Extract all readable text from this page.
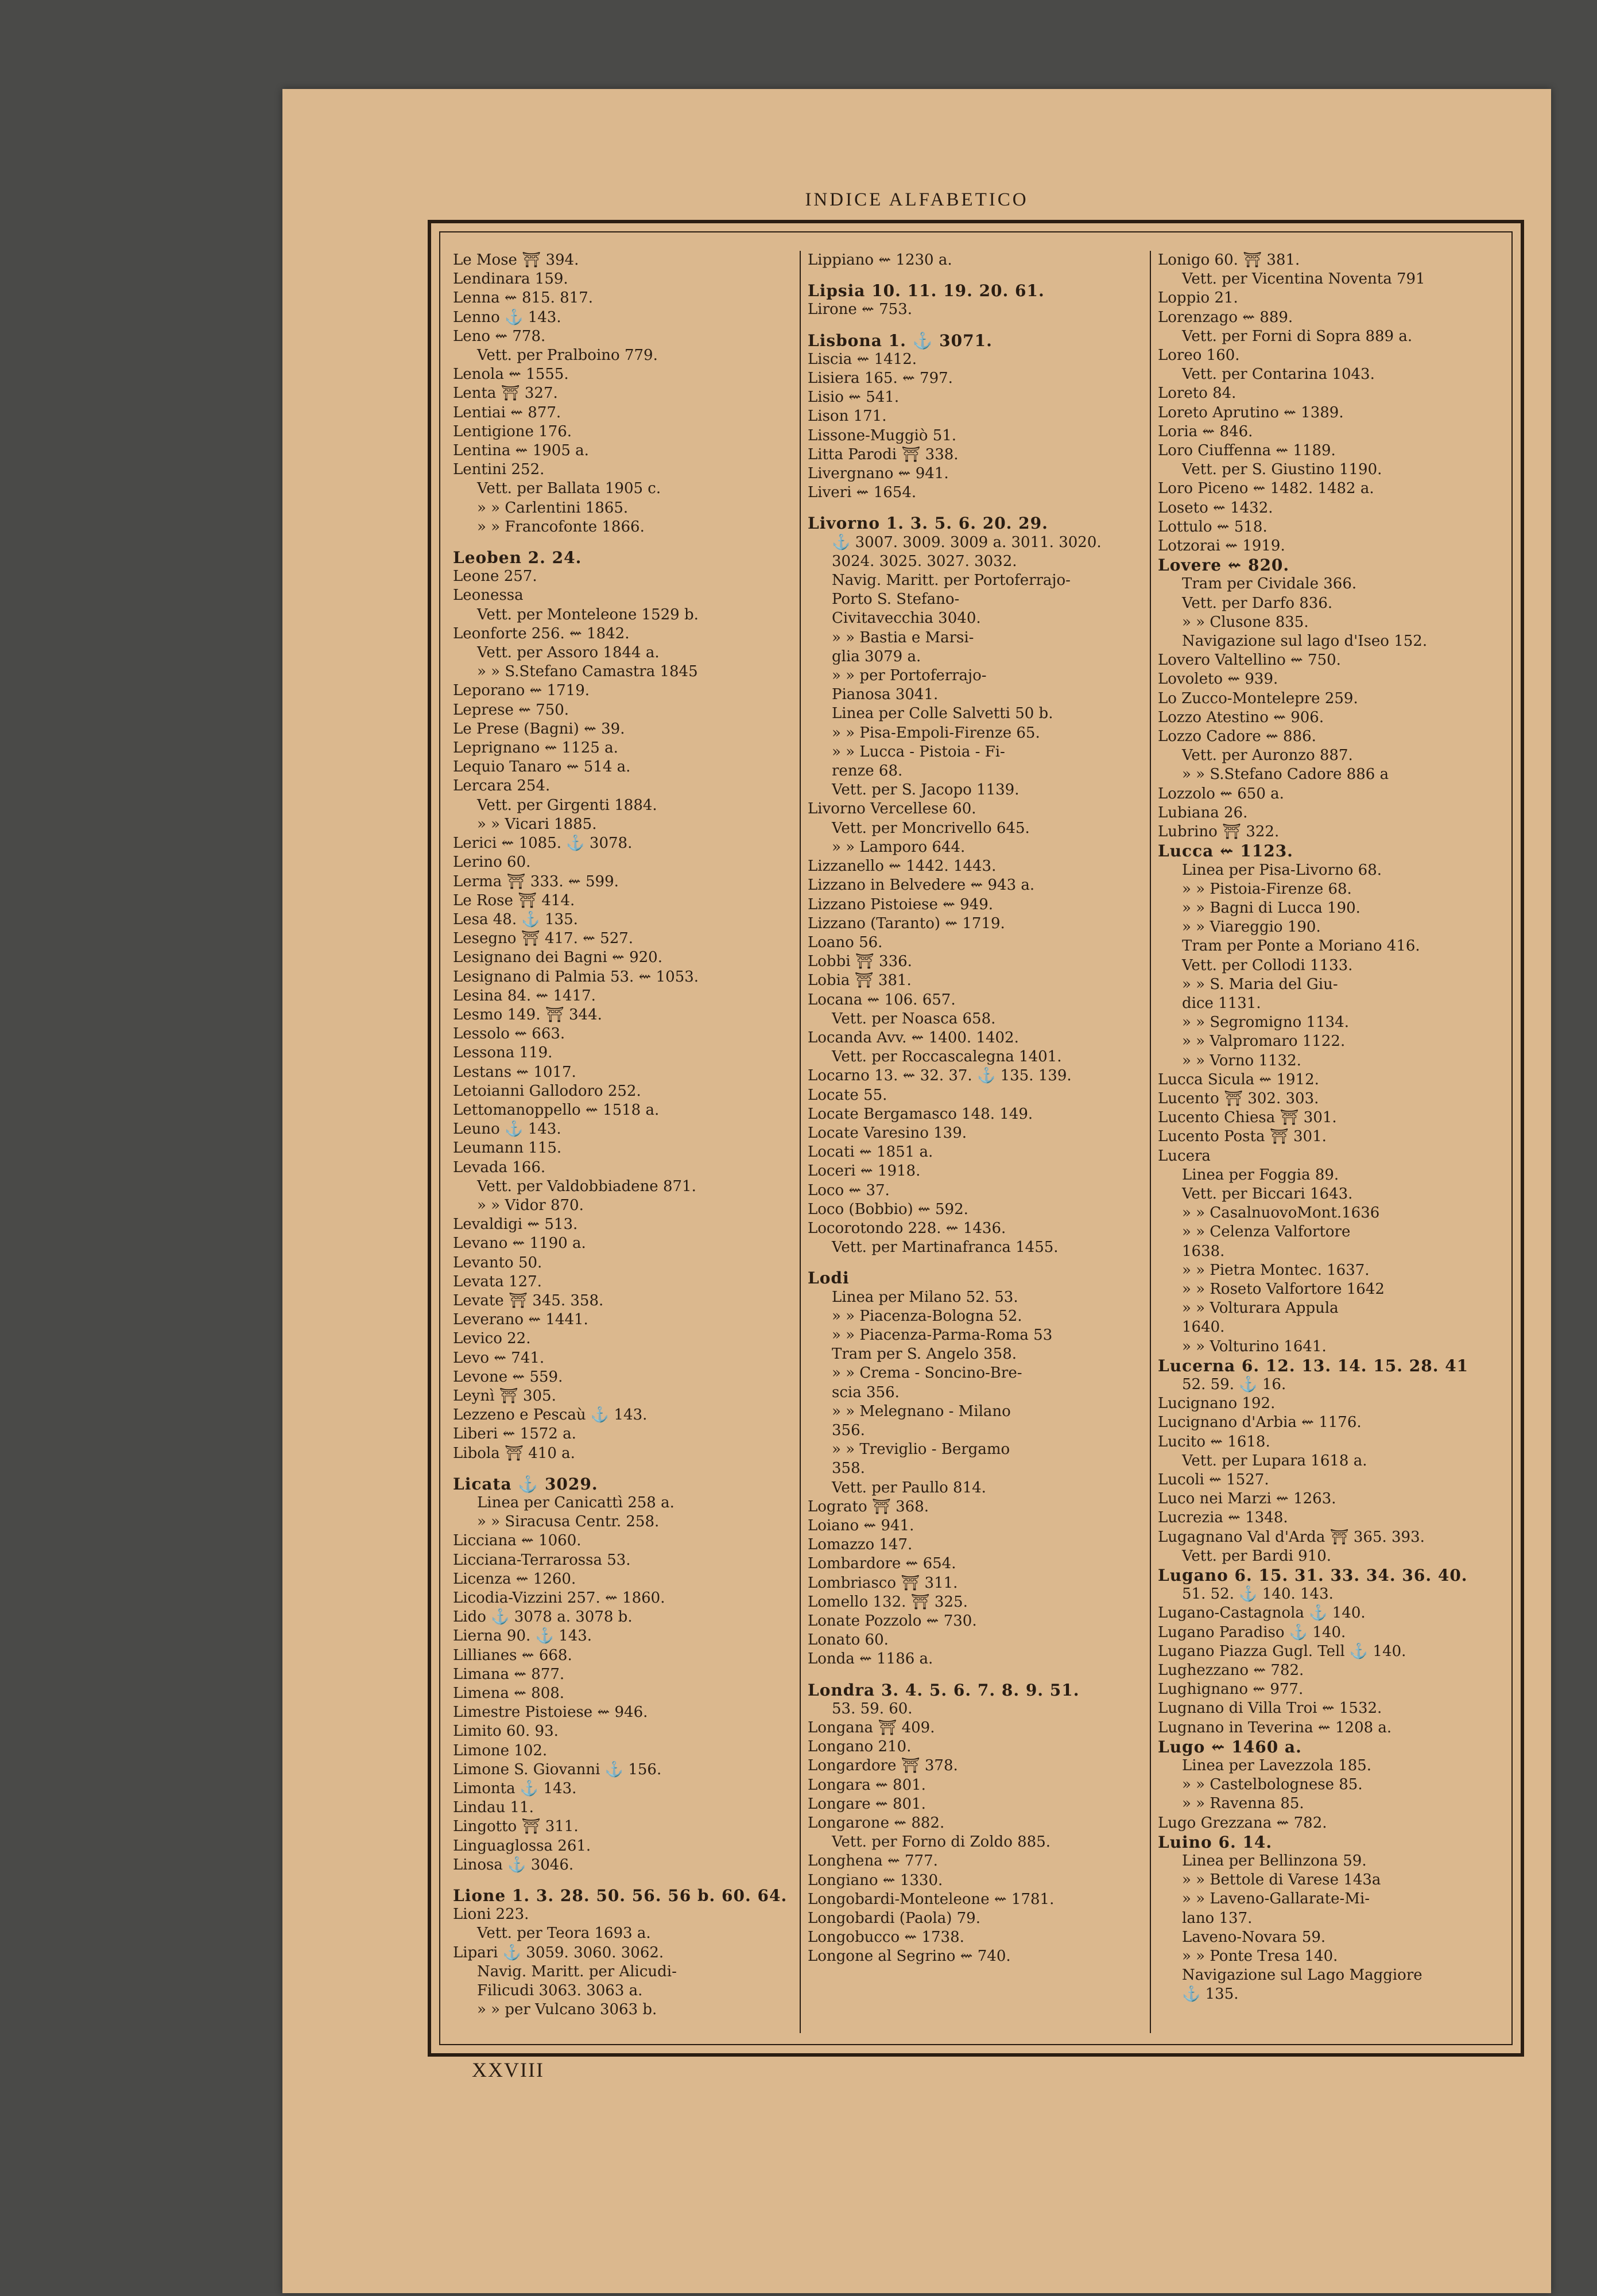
INDICE ALFABETICO
Le Mose ⛩ 394.
Lendinara 159.
Lenna ⇜ 815. 817.
Lenno ⚓ 143.
Leno ⇜ 778.
Vett. per Pralboino 779.
Lenola ⇜ 1555.
Lenta ⛩ 327.
Lentiai ⇜ 877.
Lentigione 176.
Lentina ⇜ 1905 a.
Lentini 252.
Vett. per Ballata 1905 c.
» » Carlentini 1865.
» » Francofonte 1866.
Leoben 2. 24.
Leone 257.
Leonessa
Vett. per Monteleone 1529 b.
Leonforte 256. ⇜ 1842.
Vett. per Assoro 1844 a.
» » S.Stefano Camastra 1845
Leporano ⇜ 1719.
Leprese ⇜ 750.
Le Prese (Bagni) ⇜ 39.
Leprignano ⇜ 1125 a.
Lequio Tanaro ⇜ 514 a.
Lercara 254.
Vett. per Girgenti 1884.
» » Vicari 1885.
Lerici ⇜ 1085. ⚓ 3078.
Lerino 60.
Lerma ⛩ 333. ⇜ 599.
Le Rose ⛩ 414.
Lesa 48. ⚓ 135.
Lesegno ⛩ 417. ⇜ 527.
Lesignano dei Bagni ⇜ 920.
Lesignano di Palmia 53. ⇜ 1053.
Lesina 84. ⇜ 1417.
Lesmo 149. ⛩ 344.
Lessolo ⇜ 663.
Lessona 119.
Lestans ⇜ 1017.
Letoianni Gallodoro 252.
Lettomanoppello ⇜ 1518 a.
Leuno ⚓ 143.
Leumann 115.
Levada 166.
Vett. per Valdobbiadene 871.
» » Vidor 870.
Levaldigi ⇜ 513.
Levano ⇜ 1190 a.
Levanto 50.
Levata 127.
Levate ⛩ 345. 358.
Leverano ⇜ 1441.
Levico 22.
Levo ⇜ 741.
Levone ⇜ 559.
Leynì ⛩ 305.
Lezzeno e Pescaù ⚓ 143.
Liberi ⇜ 1572 a.
Libola ⛩ 410 a.
Licata ⚓ 3029.
Linea per Canicattì 258 a.
» » Siracusa Centr. 258.
Licciana ⇜ 1060.
Licciana-Terrarossa 53.
Licenza ⇜ 1260.
Licodia-Vizzini 257. ⇜ 1860.
Lido ⚓ 3078 a. 3078 b.
Lierna 90. ⚓ 143.
Lillianes ⇜ 668.
Limana ⇜ 877.
Limena ⇜ 808.
Limestre Pistoiese ⇜ 946.
Limito 60. 93.
Limone 102.
Limone S. Giovanni ⚓ 156.
Limonta ⚓ 143.
Lindau 11.
Lingotto ⛩ 311.
Linguaglossa 261.
Linosa ⚓ 3046.
Lione 1. 3. 28. 50. 56. 56 b. 60. 64.
Lioni 223.
Vett. per Teora 1693 a.
Lipari ⚓ 3059. 3060. 3062.
Navig. Maritt. per Alicudi-
Filicudi 3063. 3063 a.
» » per Vulcano 3063 b.
Lippiano ⇜ 1230 a.
Lipsia 10. 11. 19. 20. 61.
Lirone ⇜ 753.
Lisbona 1. ⚓ 3071.
Liscia ⇜ 1412.
Lisiera 165. ⇜ 797.
Lisio ⇜ 541.
Lison 171.
Lissone-Muggiò 51.
Litta Parodi ⛩ 338.
Livergnano ⇜ 941.
Liveri ⇜ 1654.
Livorno 1. 3. 5. 6. 20. 29.
⚓ 3007. 3009. 3009 a. 3011. 3020.
3024. 3025. 3027. 3032.
Navig. Maritt. per Portoferrajo-
Porto S. Stefano-
Civitavecchia 3040.
» » Bastia e Marsi-
glia 3079 a.
» » per Portoferrajo-
Pianosa 3041.
Linea per Colle Salvetti 50 b.
» » Pisa-Empoli-Firenze 65.
» » Lucca - Pistoia - Fi-
renze 68.
Vett. per S. Jacopo 1139.
Livorno Vercellese 60.
Vett. per Moncrivello 645.
» » Lamporo 644.
Lizzanello ⇜ 1442. 1443.
Lizzano in Belvedere ⇜ 943 a.
Lizzano Pistoiese ⇜ 949.
Lizzano (Taranto) ⇜ 1719.
Loano 56.
Lobbi ⛩ 336.
Lobia ⛩ 381.
Locana ⇜ 106. 657.
Vett. per Noasca 658.
Locanda Avv. ⇜ 1400. 1402.
Vett. per Roccascalegna 1401.
Locarno 13. ⇜ 32. 37. ⚓ 135. 139.
Locate 55.
Locate Bergamasco 148. 149.
Locate Varesino 139.
Locati ⇜ 1851 a.
Loceri ⇜ 1918.
Loco ⇜ 37.
Loco (Bobbio) ⇜ 592.
Locorotondo 228. ⇜ 1436.
Vett. per Martinafranca 1455.
Lodi
Linea per Milano 52. 53.
» » Piacenza-Bologna 52.
» » Piacenza-Parma-Roma 53
Tram per S. Angelo 358.
» » Crema - Soncino-Bre-
scia 356.
» » Melegnano - Milano
356.
» » Treviglio - Bergamo
358.
Vett. per Paullo 814.
Lograto ⛩ 368.
Loiano ⇜ 941.
Lomazzo 147.
Lombardore ⇜ 654.
Lombriasco ⛩ 311.
Lomello 132. ⛩ 325.
Lonate Pozzolo ⇜ 730.
Lonato 60.
Londa ⇜ 1186 a.
Londra 3. 4. 5. 6. 7. 8. 9. 51.
53. 59. 60.
Longana ⛩ 409.
Longano 210.
Longardore ⛩ 378.
Longara ⇜ 801.
Longare ⇜ 801.
Longarone ⇜ 882.
Vett. per Forno di Zoldo 885.
Longhena ⇜ 777.
Longiano ⇜ 1330.
Longobardi-Monteleone ⇜ 1781.
Longobardi (Paola) 79.
Longobucco ⇜ 1738.
Longone al Segrino ⇜ 740.
Lonigo 60. ⛩ 381.
Vett. per Vicentina Noventa 791
Loppio 21.
Lorenzago ⇜ 889.
Vett. per Forni di Sopra 889 a.
Loreo 160.
Vett. per Contarina 1043.
Loreto 84.
Loreto Aprutino ⇜ 1389.
Loria ⇜ 846.
Loro Ciuffenna ⇜ 1189.
Vett. per S. Giustino 1190.
Loro Piceno ⇜ 1482. 1482 a.
Loseto ⇜ 1432.
Lottulo ⇜ 518.
Lotzorai ⇜ 1919.
Lovere ⇜ 820.
Tram per Cividale 366.
Vett. per Darfo 836.
» » Clusone 835.
Navigazione sul lago d'Iseo 152.
Lovero Valtellino ⇜ 750.
Lovoleto ⇜ 939.
Lo Zucco-Montelepre 259.
Lozzo Atestino ⇜ 906.
Lozzo Cadore ⇜ 886.
Vett. per Auronzo 887.
» » S.Stefano Cadore 886 a
Lozzolo ⇜ 650 a.
Lubiana 26.
Lubrino ⛩ 322.
Lucca ⇜ 1123.
Linea per Pisa-Livorno 68.
» » Pistoia-Firenze 68.
» » Bagni di Lucca 190.
» » Viareggio 190.
Tram per Ponte a Moriano 416.
Vett. per Collodi 1133.
» » S. Maria del Giu-
dice 1131.
» » Segromigno 1134.
» » Valpromaro 1122.
» » Vorno 1132.
Lucca Sicula ⇜ 1912.
Lucento ⛩ 302. 303.
Lucento Chiesa ⛩ 301.
Lucento Posta ⛩ 301.
Lucera
Linea per Foggia 89.
Vett. per Biccari 1643.
» » CasalnuovoMont.1636
» » Celenza Valfortore
1638.
» » Pietra Montec. 1637.
» » Roseto Valfortore 1642
» » Volturara Appula
1640.
» » Volturino 1641.
Lucerna 6. 12. 13. 14. 15. 28. 41
52. 59. ⚓ 16.
Lucignano 192.
Lucignano d'Arbia ⇜ 1176.
Lucito ⇜ 1618.
Vett. per Lupara 1618 a.
Lucoli ⇜ 1527.
Luco nei Marzi ⇜ 1263.
Lucrezia ⇜ 1348.
Lugagnano Val d'Arda ⛩ 365. 393.
Vett. per Bardi 910.
Lugano 6. 15. 31. 33. 34. 36. 40.
51. 52. ⚓ 140. 143.
Lugano-Castagnola ⚓ 140.
Lugano Paradiso ⚓ 140.
Lugano Piazza Gugl. Tell ⚓ 140.
Lughezzano ⇜ 782.
Lughignano ⇜ 977.
Lugnano di Villa Troi ⇜ 1532.
Lugnano in Teverina ⇜ 1208 a.
Lugo ⇜ 1460 a.
Linea per Lavezzola 185.
» » Castelbolognese 85.
» » Ravenna 85.
Lugo Grezzana ⇜ 782.
Luino 6. 14.
Linea per Bellinzona 59.
» » Bettole di Varese 143a
» » Laveno-Gallarate-Mi-
lano 137.
Laveno-Novara 59.
» » Ponte Tresa 140.
Navigazione sul Lago Maggiore
⚓ 135.
XXVIII
